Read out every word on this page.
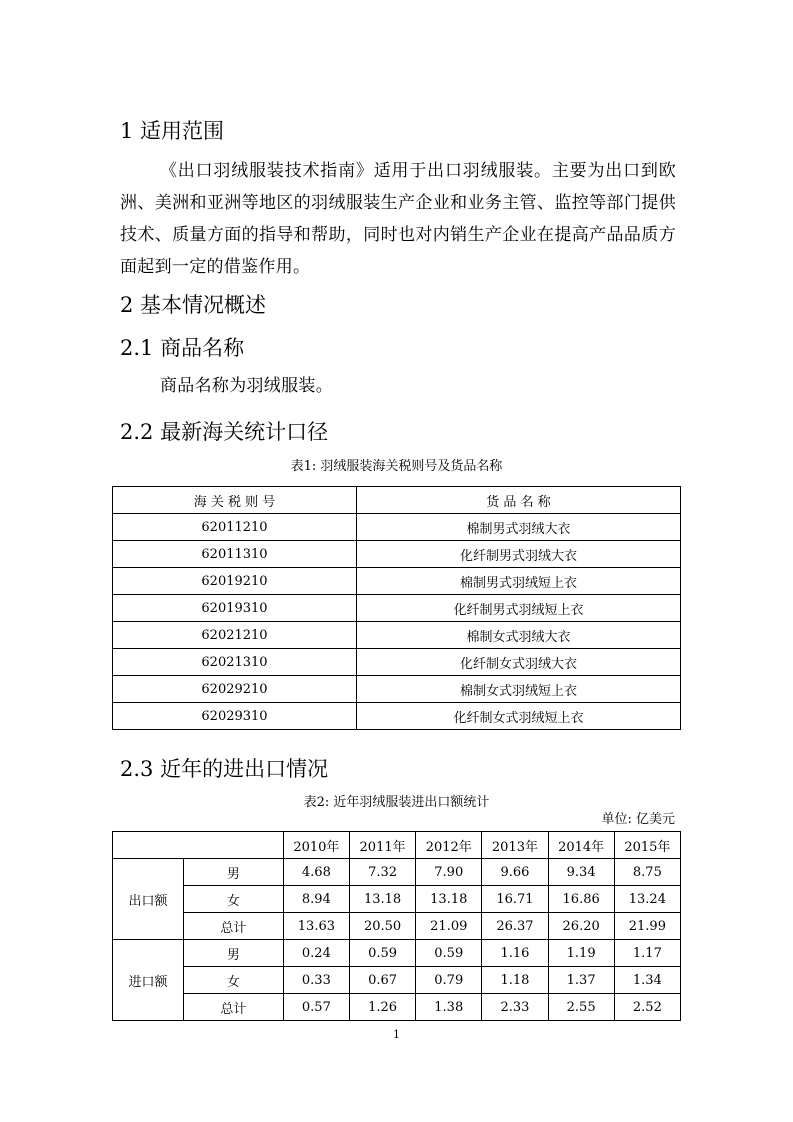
1 适用范围

《出口羽绒服装技术指南》适用于出口羽绒服装。主要为出口到欧洲、美洲和亚洲等地区的羽绒服装生产企业和业务主管、监控等部门提供技术、质量方面的指导和帮助，同时也对内销生产企业在提高产品品质方面起到一定的借鉴作用。

2 基本情况概述
2.1 商品名称

商品名称为羽绒服装。

2.2 最新海关统计口径
表1: 羽绒服装海关税则号及货品名称
海 关 税 则 号	货 品 名 称
62011210	棉制男式羽绒大衣
62011310	化纤制男式羽绒大衣
62019210	棉制男式羽绒短上衣
62019310	化纤制男式羽绒短上衣
62021210	棉制女式羽绒大衣
62021310	化纤制女式羽绒大衣
62029210	棉制女式羽绒短上衣
62029310	化纤制女式羽绒短上衣
2.3 近年的进出口情况
表2: 近年羽绒服装进出口额统计
单位: 亿美元
		2010年	2011年	2012年	2013年	2014年	2015年
出口额	男	4.68	7.32	7.90	9.66	9.34	8.75
	女	8.94	13.18	13.18	16.71	16.86	13.24
	总计	13.63	20.50	21.09	26.37	26.20	21.99
进口额	男	0.24	0.59	0.59	1.16	1.19	1.17
	女	0.33	0.67	0.79	1.18	1.37	1.34
	总计	0.57	1.26	1.38	2.33	2.55	2.52
1
